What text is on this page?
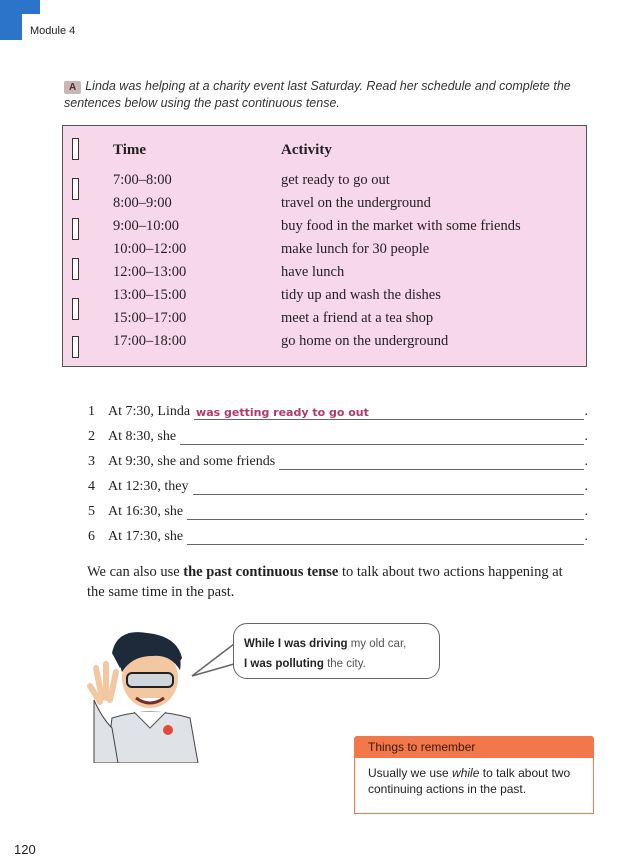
Module 4
A Linda was helping at a charity event last Saturday. Read her schedule and complete the sentences below using the past continuous tense.
Time	Activity
7:00–8:00	get ready to go out
8:00–9:00	travel on the underground
9:00–10:00	buy food in the market with some friends
10:00–12:00	make lunch for 30 people
12:00–13:00	have lunch
13:00–15:00	tidy up and wash the dishes
15:00–17:00	meet a friend at a tea shop
17:00–18:00	go home on the underground
1 At 7:30, Linda was getting ready to go out	.
2 At 8:30, she	.
3 At 9:30, she and some friends	.
4 At 12:30, they	.
5 At 16:30, she	.
6 At 17:30, she	.
We can also use the past continuous tense to talk about two actions happening at the same time in the past.
While I was driving my old car,
I was polluting the city.
Things to remember
Usually we use while to talk about two continuing actions in the past.
120
